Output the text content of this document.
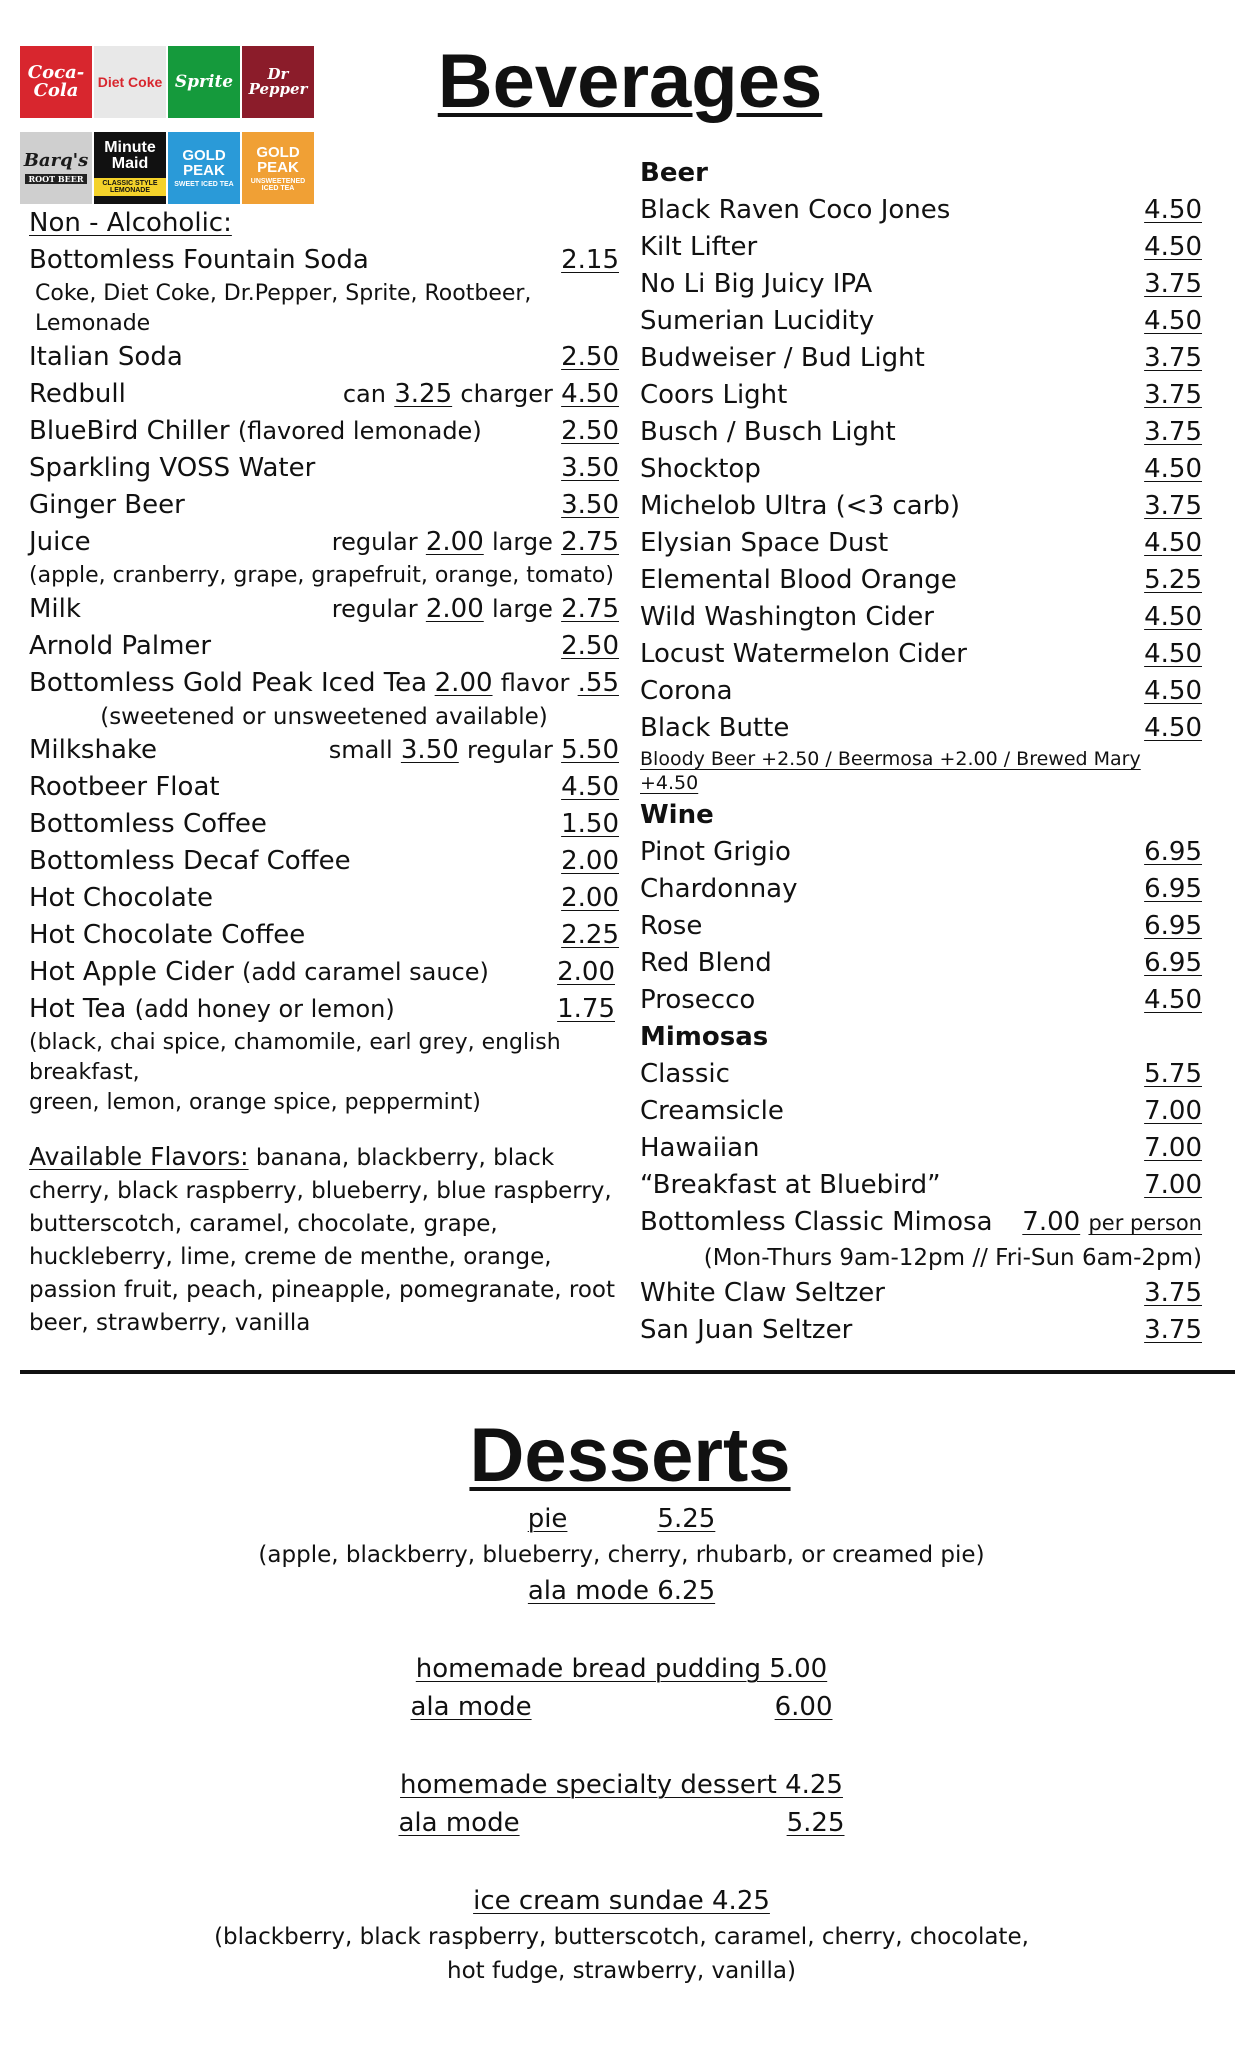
Coca-Cola	Diet Coke Sprite	Dr Pepper
Barq's
ROOT BEER
Minute Maid
CLASSIC STYLE LEMONADE
GOLD PEAK
SWEET ICED TEA
GOLD PEAK
UNSWEETENED ICED TEA
Beverages
Non - Alcoholic:
Bottomless Fountain Soda	2.15
Coke, Diet Coke, Dr.Pepper, Sprite, Rootbeer, Lemonade
Italian Soda	2.50
Redbull	can 3.25 charger 4.50
BlueBird Chiller (flavored lemonade)	2.50
Sparkling VOSS Water	3.50
Ginger Beer	3.50
Juice	regular 2.00 large 2.75
(apple, cranberry, grape, grapefruit, orange, tomato)
Milk	regular 2.00 large 2.75
Arnold Palmer	2.50
Bottomless Gold Peak Iced Tea 2.00 flavor .55
(sweetened or unsweetened available)
Milkshake	small 3.50 regular 5.50
Rootbeer Float	4.50
Bottomless Coffee	1.50
Bottomless Decaf Coffee	2.00
Hot Chocolate	2.00
Hot Chocolate Coffee	2.25
Hot Apple Cider (add caramel sauce)	2.00
Hot Tea (add honey or lemon)	1.75
(black, chai spice, chamomile, earl grey, english breakfast,
green, lemon, orange spice, peppermint)
Available Flavors: banana, blackberry, black cherry, black raspberry, blueberry, blue raspberry, butterscotch, caramel, chocolate, grape, huckleberry, lime, creme de menthe, orange, passion fruit, peach, pineapple, pomegranate, root beer, strawberry, vanilla
Beer
Black Raven Coco Jones	4.50
Kilt Lifter	4.50
No Li Big Juicy IPA	3.75
Sumerian Lucidity	4.50
Budweiser / Bud Light	3.75
Coors Light	3.75
Busch / Busch Light	3.75
Shocktop	4.50
Michelob Ultra (<3 carb)	3.75
Elysian Space Dust	4.50
Elemental Blood Orange	5.25
Wild Washington Cider	4.50
Locust Watermelon Cider	4.50
Corona	4.50
Black Butte	4.50
Bloody Beer +2.50 / Beermosa +2.00 / Brewed Mary +4.50
Wine
Pinot Grigio	6.95
Chardonnay	6.95
Rose	6.95
Red Blend	6.95
Prosecco	4.50
Mimosas
Classic	5.75
Creamsicle	7.00
Hawaiian	7.00
“Breakfast at Bluebird”	7.00
Bottomless Classic Mimosa 7.00 per person
(Mon-Thurs 9am-12pm // Fri-Sun 6am-2pm)
White Claw Seltzer	3.75
San Juan Seltzer	3.75
Desserts
pie	5.25
(apple, blackberry, blueberry, cherry, rhubarb, or creamed pie)
ala mode 6.25
homemade bread pudding 5.00
ala mode	6.00
homemade specialty dessert 4.25
ala mode	5.25
ice cream sundae 4.25
(blackberry, black raspberry, butterscotch, caramel, cherry, chocolate,
hot fudge, strawberry, vanilla)
